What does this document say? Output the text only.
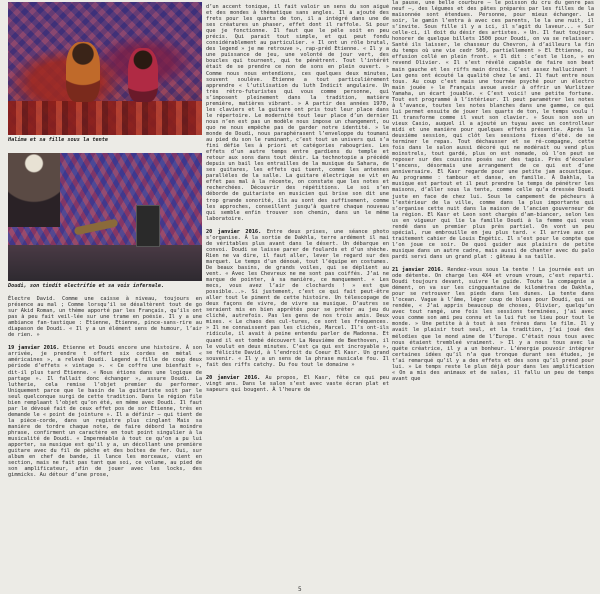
Halima et sa fille sous la tente

Doudi, son tindít electrifie et sa voix infernale.

Électre David. Comme une caisse à niveau, toujours en présence au mal ; Comme lorsqu’il se désaltèrent tout de go sur Akid Roman, un thème apporté par les Français, qu’ils ont pas à peu fait veil-lée sur une trame en poésie. Il y a une ambiance fan-tastique : Etienne, Etienne, pince-sans-rire au diapason de Doudi. « Il y a un élément sens de humour, l’air de rien. »

19 janvier 2016. Etienne et Doudi encore une histoire. À son arrivée, je prendre t offert six cordes en métal « américaines », a relevé Doudi. Legend a fille de coup deux période d’effets « vintage ». « Ce coffre une bienfait », dit-il plus tard Etienne. « Nous étions dans une logique de partage ». Il fallait donc échanger », assure Doudi. La lutherie, cela remise l’objet premier du performer. Uniquement parce que le basin de la guitariste soit par le seul quelconque surgi de cette tradition. Dans le région file bien remplaant l’objet qu’on été, en même avec Doudi. Il faut par le dévoué fait de ceux effet pos de sor Etienne, très en demande le « point de jointure ». Il a définir — qui tient de la pièce-corde, dans un registre plus cinglant Mais sa manière de tordre chaque note, de faire débord la moindre phrase, confirment un caractère en tout point singulier à la musicalité de Doudi. « Imperméable à tout ce qu’on a pu lui apporter, sa musique est qu’il y a, un décollant une première guitare avec du fil de pêche et des boîtes de fer. Oui, sur album en chef de bande, il lance les morceaux, vient en section, mais ne fait pas tant que soi, ce volume, au pied de son amplificateur, afin de jouer avec les locks, des gimmicks. Au détour d’une prose,

d’un accent tonique, il fait valoir un sens du son aigué et des mondes à thématique sans angles. Il a ajouté des frets pour les quarts de ton, il a intégré dans une de ses créatures un phaser, effet dont il raffole. Si pour que je fonctionne. Il faut que le péle soit en peu précis. Qui parait tout simple, et qui peut fondu considérablement au particulier. « Il ont un rôle brutal, des legend » je me retrouve », rap-préd Etienne. « Il y a une puissance de jeu, une volonté de jour vert, des boucles qui tournent, qui te pénètrent. Tout l’intérêt était de se prendre ce non de sons en plein ouvert. » Comme nous nous entendions, ces quelques deux minutes, souvent soulève. Etienne a tout particulièrement apprendre « l’utilisation du luth Indicit angulaire. Un très rétro-futuristes qui vous comme personne, qui s’imposent pleinement dans la tradition, matière première, matières vibrant. » A partir des années 1970, les claviers et la guitare ont pris tout leur place dans le répertoire. Le modernité tout leur place d’un dernier nous n’en est pas un modèle nous impose un changement, ou quo ne nous empêche pas de garder notre identité. » le monde de Doudi, nous paraphérasent l’enveloppe du toumani au pied du son le ruminant, c’est tout un univers qui s’a fini défie les à priori et catégories rabougries. Les effets d’un autre temps entre gardiens du temple et retour aux sons dans tout désir. La technotopie a précédé depuis un bail les entrailles de la musique du Sahara, de ses guitares, les effets qui tuent, comme les antennes parallèles de la salle. La guitare électrique se vit en effet pas mal à la récente, on constate que les notes et recherchées. Découvrir des répétitions. Le soi s’en déborde de guitariste en musicien qui brise son dit une trop grande sonorité, ils au sont des suffisement, comme les approches, conseillent jusqu’à quatre chaque nouveau qui semble enfin trouver son chemin, dans un le même laboratoire.

20 janvier 2016. Entre deux prises, une séance photo s’organise. À la sortie de Dakhla, terre ardément il mai de véritables plus avant dans le désert. Un débarque en convoi. Doudi se laisse parer de foulards et d’un shèche. Rien ne va dire, il faut aller, lever le regard sur des marquet. Le temps d’un dénoué, tout l’équipe en costumes. De beaux basins, de grands voiles, qui se déplient au vent. « Avec les Chevreux ne me sont pas coiffés. J’ai ne marque de pointer, à sa manière, ce manquement. « Les mecs, vous avez l’air de clochards ! » est que possible...». Si justement, c’est ce qui fait peut-être aller tout le piment de cette histoire. Un télescopage de deux façons de vivre, de vivre sa musique. D’autres se seraient mis en bien apprêtés pour se préter au jeu du cliché, autrefois. Pas les gens de nos trois amis. Deux mixes. « Le chaos des cul-tures, ce sont les fréquences. » Il ne connaissent pas les clichés, Marcel. Il’s ont-ils ridicule, il avait à peine entendu parler de Madonna. Et quand il est tombé découvert La Neuvième de Beethoven, il le voulut en deux minutes. C’est ça qui est incroyable », se félicite David, à l’endroit du Coeur El Kasr. Un grand souvenir. « Il y a un sens de la phrase musicale fou. Il fait des riffs catchy. Du fou tout le domaine »

20 janvier 2016. Au propos, El Kasr, fête ce qui peu vingt ans. Dans le salon s’est avec vaste écran plat et sapeurs qui bougent. À l’heure de

la pause, une belle courbure — le poisson du cru du genre pas neuf —, des légumes et des pâtes préparés par les filles de la maisonnée sont étendues. Personne, pour mieux échanger. Le soir, le gamin l’entra à avec ces parents, le la une nuit, il s’invite. Sous fille il y a ici, il s’agit du laveur... « Sur celle-ci, il doit du désir des artistes. » Un. Il faut toujours honorer de quelque billets 1500 pour Doudi, on va se relaisser. Santé ils laisser, le chasseur du Chevron, à d’ailleurs la fin du temps où une vie cedr 500, partiellement » El Ettienne, ou effusion collé en plein front. « Il dit : c’est le lion, » en revend Olivier. « Il s’est révélé capable de faire son beat main gauche et les riffs main droite. C’est assez hallucinant ! Les gens ont écouté la qualité chez le ami. Il faut entre nous tous. Au coup c’est mais une tournée psyché pour un électro main jouée » le Français avoue avoir à offrir un Wurlitzer Yamaha, un écart jouable. « C’est voici! une petite fortune. Tout est programmé à l’intérieur. Il peut paramétrer les notes à l’avance, toutes les notes blanches dans une gamme, ce qui lui permet ensuite de jouer les quarts de ton, le temps voulu ! Il transforme comme il veut son clavier. » Sous son son un vieux Casio, auquel il a ajouté un tuyau avec un controlleur midi et une manière pour quelques effets présentie. Après la deuxième session, qui clôt les sessions fixes d’été. de se terminer le repas. Tout déchausser et se ré-compagne, cette fois dans le salon aussi décoré qui ne modérait ou vend plus moinstrels, tout gardé, plus on est nomade, où l’on peut se reposer sur des coussins posés sur des tapis. Près d’écouler l’encens, désormais une arrangement de ce qui est d’une anniversaire. El Kasr regarde pour une petite jam acoustique. Au programme : tambour et danse, en famille. À Dakhla, la musique est partout et il peut prendre le temps de pénétrer les maisons, d’aller sous la tente, comme celle qu’a dressée Doudi juste en face de chez lui. Sous le campement de pécheurs à l’extérieur de la ville, comme dans la plus importante qui s’organise cette nuit dans la maison de l’ancien gouverneur de la région. El Kasr et Leon sont chargés d’am-biancer, selon les us en vigueur qui lie la famille Doudi à la femme qui vous rendé dans un premier plus près partiel. On vont un peu spécial, rue embrouille en jeu plus tard. « Il arrive aux ce traitement cahier de Louis Engétic. Il s’est pour le compte que l’on joue ce soir. De quoi guider aux plaisirs de petite musique dans un autre cadre, mais aussi de chanter avec du palo pardi servi dans un grand plat : gâteau à sa taille.

21 janvier 2016. Rendez-vous sous la tente ! La journée est un ode détente. On charge les 4X4 et vroum vroum, c’est reparti. Doudi toujours devant, suivre le guide. Toute la compagnie a dément, on va sur les cingquantaine de kilomètres de Dakhla, pour se retrouver les pieds dans les dunes. La tente dans l’ocean. Vague à l’âme, léger coup de blues pour Doudi, qui se rendée, « J’ai appris beaucoup de choses, Olivier, quelqu’un avec tout rangé, une fois les sessions terminées, j’ai avec vous comme son ami peu connu et la lui fut se lieu pour tout le monde. » Une petite à à tout à ses frères dans le film. Il y avait le plaisir tout seul, et la tradition, j’ai joué des mélodies que le mond aime de l’Europe. C’était nous tous avec nous étaient trembleé vraiment. » Il y a nous tous avec la quéte créatrice, il y a un bonheur. L’énergie pouvoir intégrer certaines idées qu’il n’a que tronque durant ses études, je t’ai remarqué qu’il y a des effets et des sons qu’il prend pour lui. » Le temps reste le plus déjà pour dans les amplification « On a mis des animaux et de sales, il fallu un peu de temps avant que

5
